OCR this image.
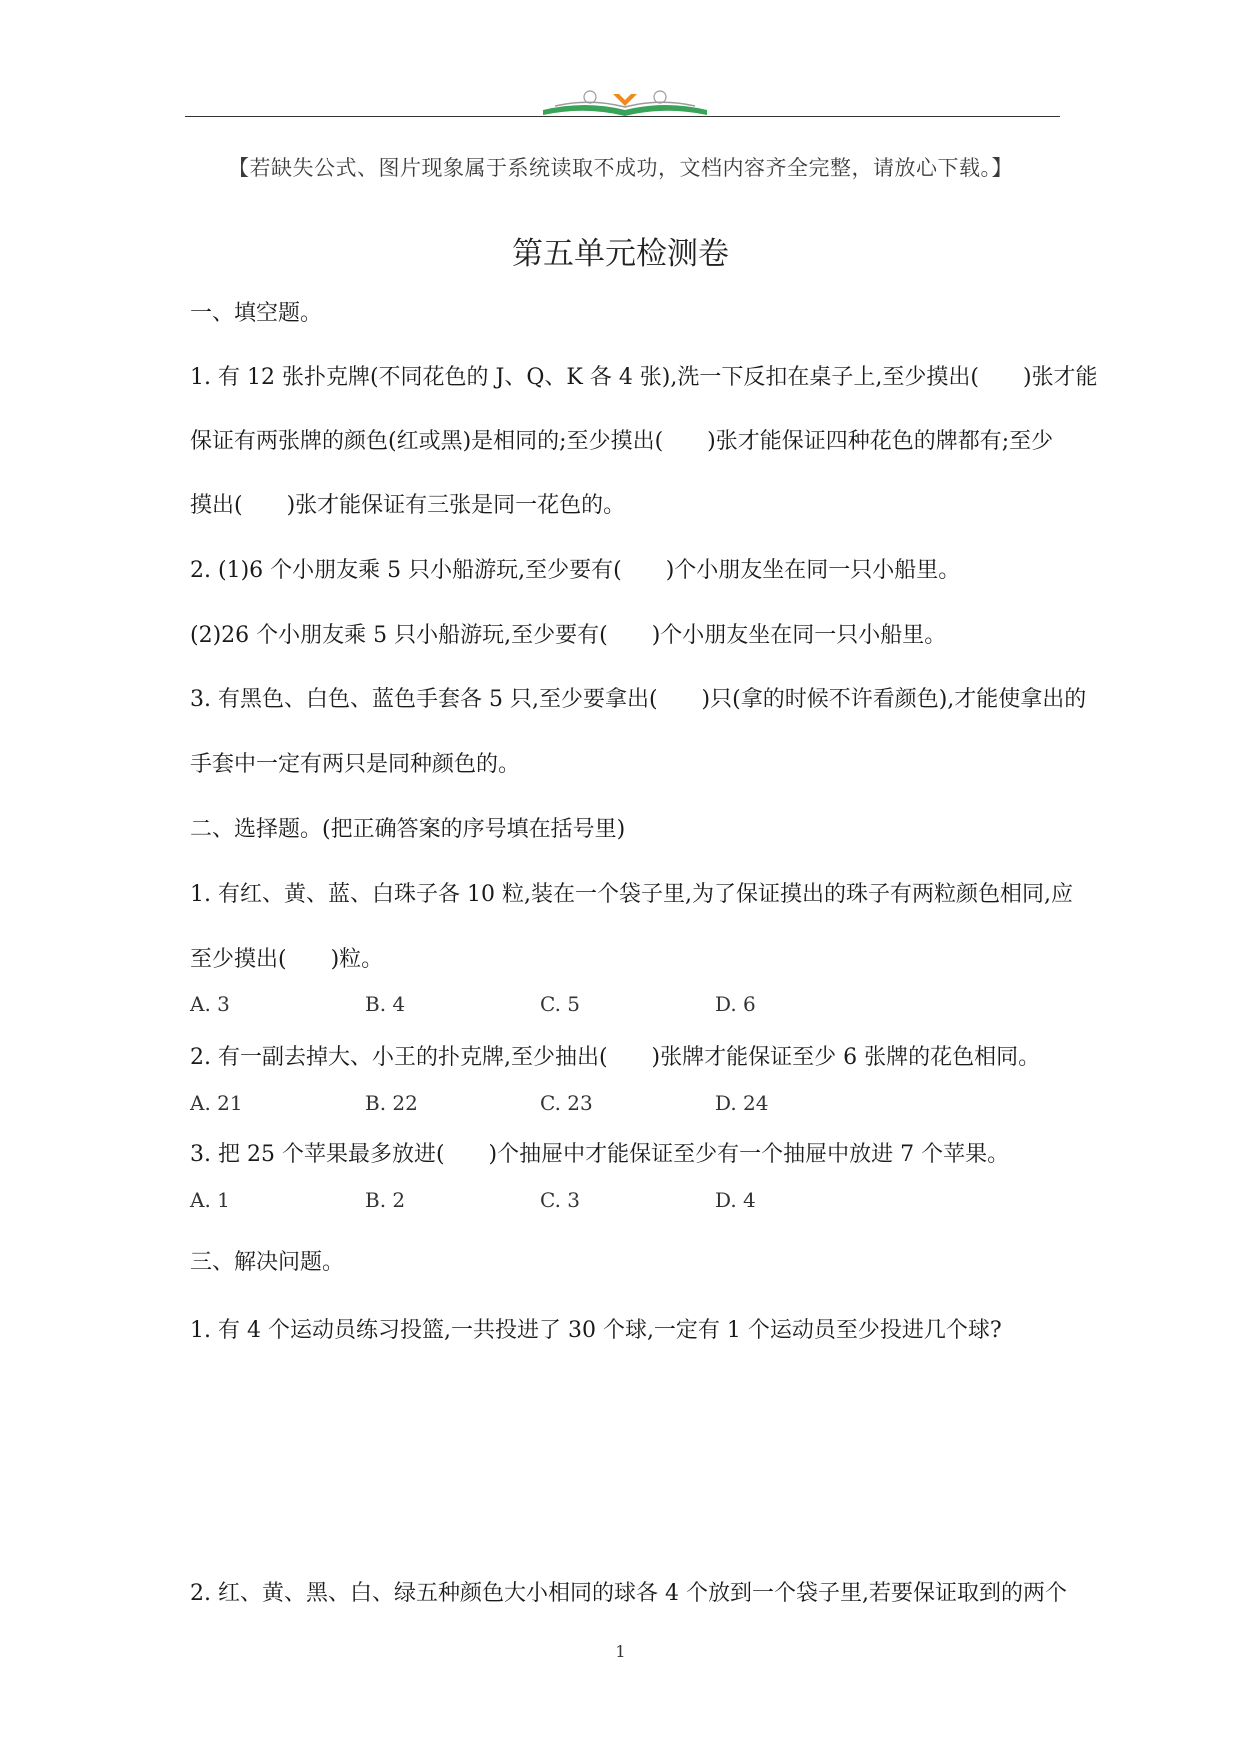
【若缺失公式、图片现象属于系统读取不成功，文档内容齐全完整，请放心下载。】
第五单元检测卷
一、填空题。
1. 有 12 张扑克牌(不同花色的 J、Q、K 各 4 张),洗一下反扣在桌子上,至少摸出(　　)张才能
保证有两张牌的颜色(红或黑)是相同的;至少摸出(　　)张才能保证四种花色的牌都有;至少
摸出(　　)张才能保证有三张是同一花色的。
2. (1)6 个小朋友乘 5 只小船游玩,至少要有(　　)个小朋友坐在同一只小船里。
(2)26 个小朋友乘 5 只小船游玩,至少要有(　　)个小朋友坐在同一只小船里。
3. 有黑色、白色、蓝色手套各 5 只,至少要拿出(　　)只(拿的时候不许看颜色),才能使拿出的
手套中一定有两只是同种颜色的。
二、选择题。(把正确答案的序号填在括号里)
1. 有红、黄、蓝、白珠子各 10 粒,装在一个袋子里,为了保证摸出的珠子有两粒颜色相同,应
至少摸出(　　)粒。
A. 3	B. 4	C. 5	D. 6
2. 有一副去掉大、小王的扑克牌,至少抽出(　　)张牌才能保证至少 6 张牌的花色相同。
A. 21	B. 22	C. 23	D. 24
3. 把 25 个苹果最多放进(　　)个抽屉中才能保证至少有一个抽屉中放进 7 个苹果。
A. 1	B. 2	C. 3	D. 4
三、解决问题。
1. 有 4 个运动员练习投篮,一共投进了 30 个球,一定有 1 个运动员至少投进几个球?
2. 红、黄、黑、白、绿五种颜色大小相同的球各 4 个放到一个袋子里,若要保证取到的两个
1
